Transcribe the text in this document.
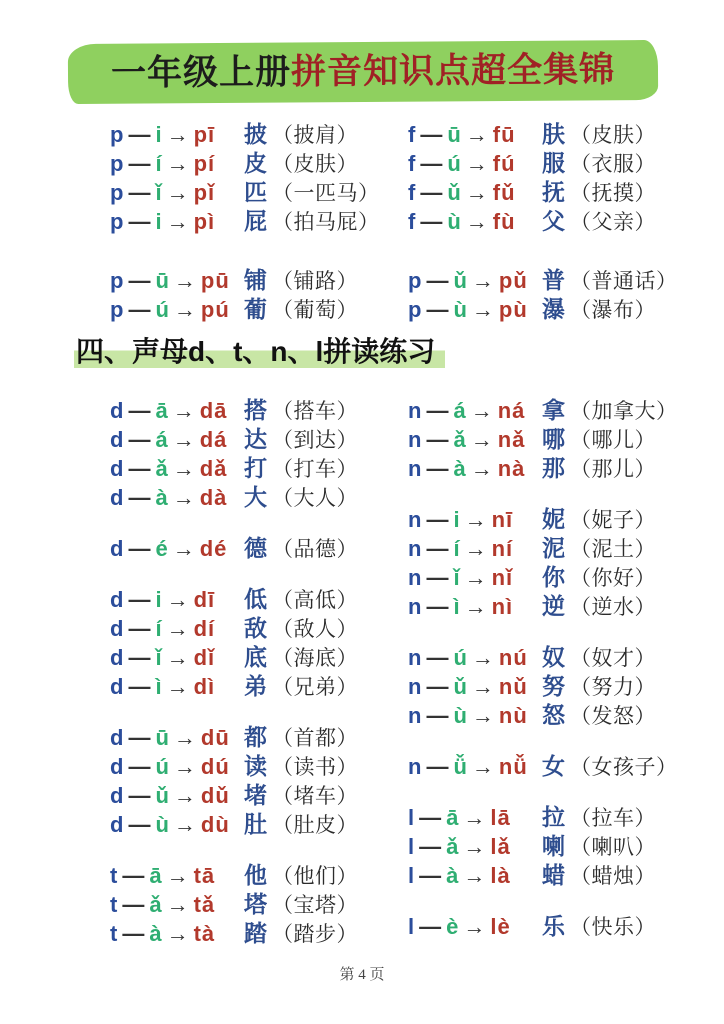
一年级上册拼音知识点超全集锦
p — i → pī 披 （披肩）
p — í → pí 皮 （皮肤）
p — ǐ → pǐ 匹 （一匹马）
p — i → pì 屁 （拍马屁）
p — ū → pū 铺 （铺路）
p — ú → pú 葡 （葡萄）
f — ū → fū 肤 （皮肤）
f — ú → fú 服 （衣服）
f — ǔ → fǔ 抚 （抚摸）
f — ù → fù 父 （父亲）
p — ǔ → pǔ 普 （普通话）
p — ù → pù 瀑 （瀑布）
四、声母d、t、n、l拼读练习
d — ā → dā 搭 （搭车）
d — á → dá 达 （到达）
d — ǎ → dǎ 打 （打车）
d — à → dà 大 （大人）
d — é → dé 德 （品德）
d — i → dī 低 （高低）
d — í → dí 敌 （敌人）
d — ǐ → dǐ 底 （海底）
d — ì → dì 弟 （兄弟）
d — ū → dū 都 （首都）
d — ú → dú 读 （读书）
d — ǔ → dǔ 堵 （堵车）
d — ù → dù 肚 （肚皮）
t — ā → tā 他 （他们）
t — ǎ → tǎ 塔 （宝塔）
t — à → tà 踏 （踏步）
n — á → ná 拿 （加拿大）
n — ǎ → nǎ 哪 （哪儿）
n — à → nà 那 （那儿）
n — i → nī 妮 （妮子）
n — í → ní 泥 （泥土）
n — ǐ → nǐ 你 （你好）
n — ì → nì 逆 （逆水）
n — ú → nú 奴 （奴才）
n — ǔ → nǔ 努 （努力）
n — ù → nù 怒 （发怒）
n — ǚ → nǚ 女 （女孩子）
l — ā → lā 拉 （拉车）
l — ǎ → lǎ 喇 （喇叭）
l — à → là 蜡 （蜡烛）
l — è → lè 乐 （快乐）
第 4 页
